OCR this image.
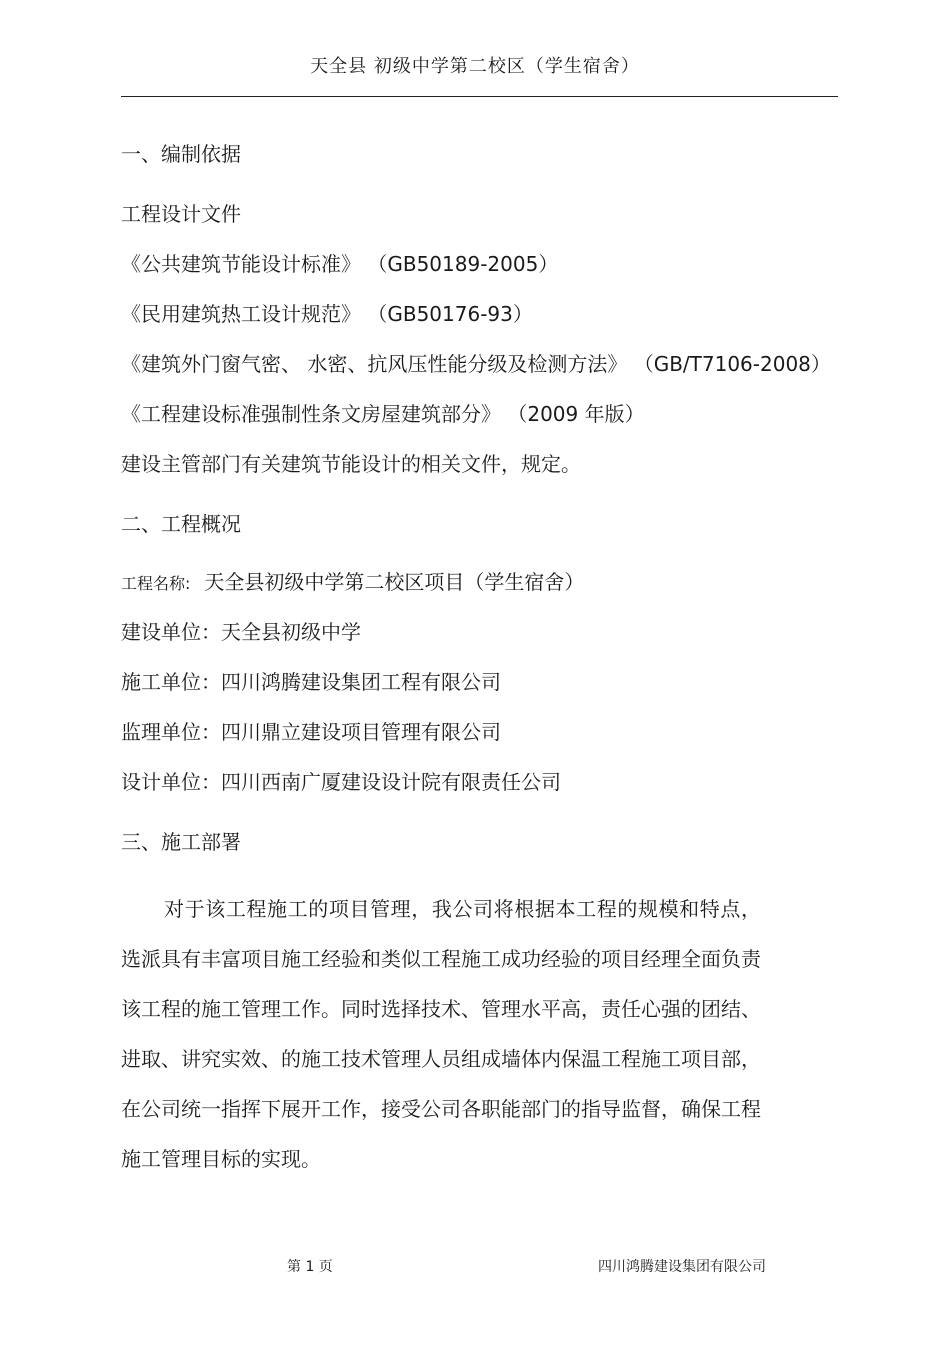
天全县 初级中学第二校区（学生宿舍）
一、编制依据
工程设计文件
《公共建筑节能设计标准》 （GB50189-2005）
《民用建筑热工设计规范》 （GB50176-93）
《建筑外门窗气密、 水密、抗风压性能分级及检测方法》 （GB/T7106-2008）
《工程建设标准强制性条文房屋建筑部分》 （2009 年版）
建设主管部门有关建筑节能设计的相关文件，规定。
二、工程概况
工程名称: 天全县初级中学第二校区项目（学生宿舍）
建设单位：天全县初级中学
施工单位：四川鸿腾建设集团工程有限公司
监理单位：四川鼎立建设项目管理有限公司
设计单位：四川西南广厦建设设计院有限责任公司
三、施工部署
对于该工程施工的项目管理，我公司将根据本工程的规模和特点，选派具有丰富项目施工经验和类似工程施工成功经验的项目经理全面负责该工程的施工管理工作。同时选择技术、管理水平高，责任心强的团结、进取、讲究实效、的施工技术管理人员组成墙体内保温工程施工项目部，在公司统一指挥下展开工作，接受公司各职能部门的指导监督，确保工程施工管理目标的实现。
第 1 页	四川鸿腾建设集团有限公司
